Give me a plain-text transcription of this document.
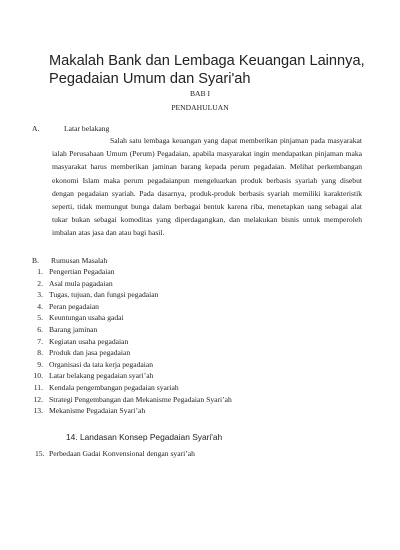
Makalah Bank dan Lembaga Keuangan Lainnya,
Pegadaian Umum dan Syari'ah
BAB I
PENDAHULUAN
A.	Latar belakang

Salah satu lembaga keuangan yang dapat memberikan pinjaman pada masyarakat ialah Perusahaan Umum (Perum) Pegadaian, apabila masyarakat ingin mendapatkan pinjaman maka masyarakat harus memberikan jaminan barang kepada perum pegadaian. Melihat perkembangan ekonomi Islam maka perum pegadaianpun mengeluarkan produk berbasis syariah yang disebut dengan pegadaian syariah. Pada dasarnya, produk-produk berbasis syariah memiliki karakteristik seperti, tidak memungut bunga dalam berbagai bentuk karena riba, menetapkan uang sebagai alat tukar bukan sebagai komoditas yang diperdagangkan, dan melakukan bisnis untuk memperoleh imbalan atas jasa dan atau bagi hasil.

B. Rumusan Masalah
1. Pengertian Pegadaian
2. Asal mula pagadaian
3. Tugas, tujuan, dan fungsi pegadaian
4. Peran pegadaian
5. Keuntungan usaha gadai
6. Barang jaminan
7. Kegiatan usaha pegadaian
8. Produk dan jasa pegadaian
9. Organisasi da tata kerja pegadaian
10. Latar belakang pegadaian syari’ah
11. Kendala pengembangan pegadaian syariah
12. Strategi Pengembangan dan Mekanisme Pegadaian Syari’ah
13. Mekanisme Pegadaian Syari’ah
14. Landasan Konsep Pegadaian Syari'ah
15. Perbedaan Gadai Konvensional dengan syari’ah
